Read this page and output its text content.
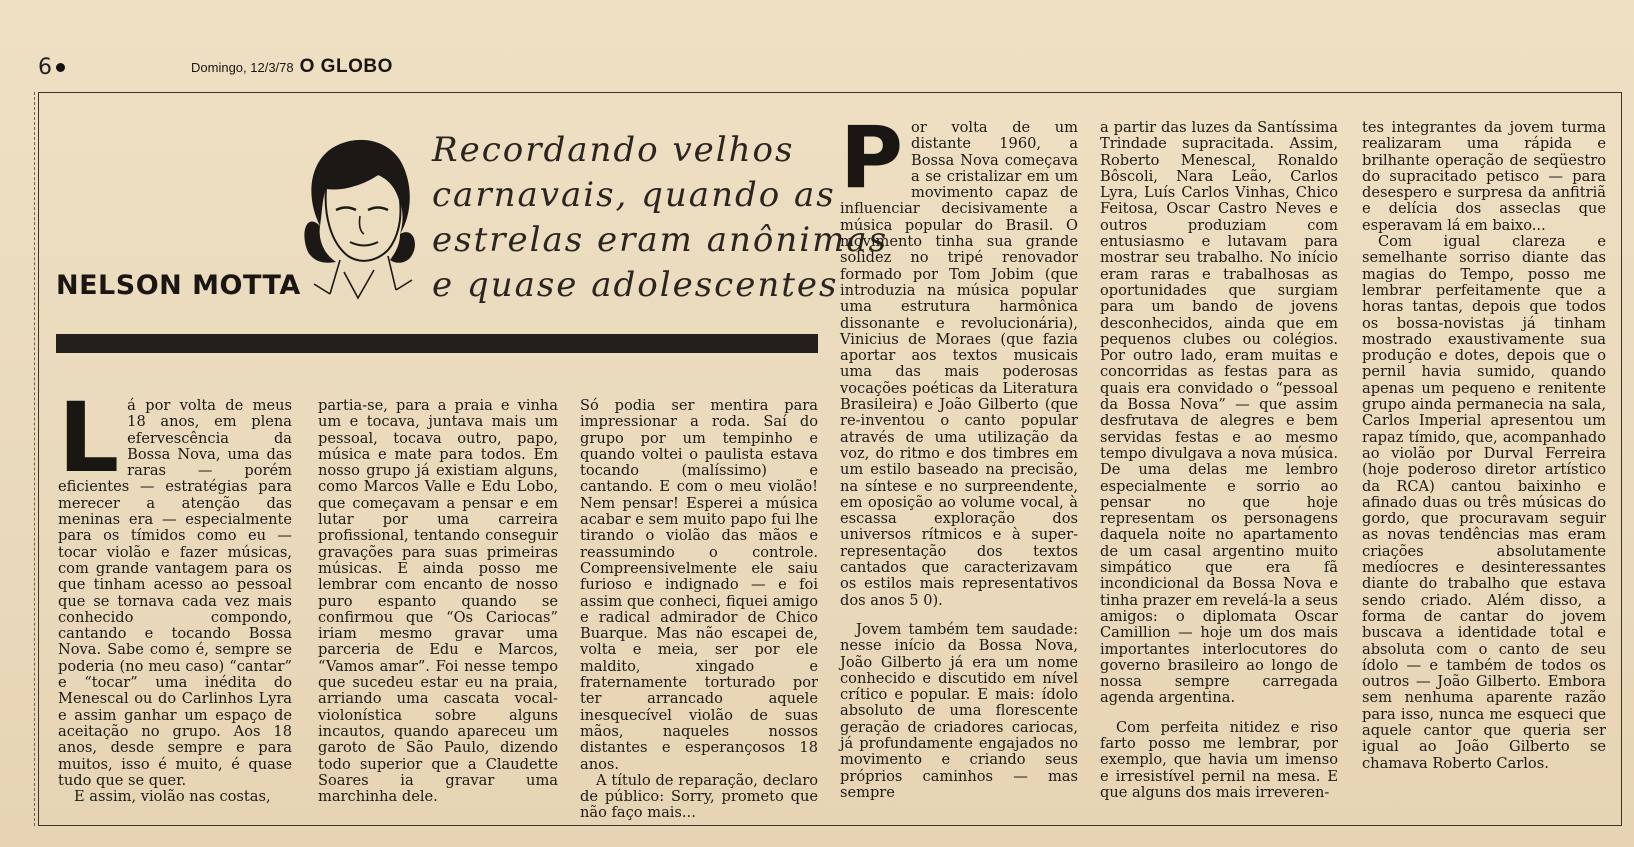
6	Domingo, 12/3/78 O GLOBO
Recordando velhos
carnavais, quando as
estrelas eram anônimas
e quase adolescentes
NELSON MOTTA
L á por volta de meus 18 anos, em plena efervescência da Bossa Nova, uma das raras — porém eficientes — estratégias para merecer a atenção das meninas era — especialmente para os tímidos como eu — tocar violão e fazer músicas, com grande vantagem para os que tinham acesso ao pessoal que se tornava cada vez mais conhecido compondo, cantando e tocando Bossa Nova. Sabe como é, sempre se poderia (no meu caso) “cantar” e “tocar” uma inédita do Menescal ou do Carlinhos Lyra e assim ganhar um espaço de aceitação no grupo. Aos 18 anos, desde sempre e para muitos, isso é muito, é quase tudo que se quer.

E assim, violão nas costas,

partia-se, para a praia e vinha um e tocava, juntava mais um pessoal, tocava outro, papo, música e mate para todos. Em nosso grupo já existiam alguns, como Marcos Valle e Edu Lobo, que começavam a pensar e em lutar por uma carreira profissional, tentando conseguir gravações para suas primeiras músicas. E ainda posso me lembrar com encanto de nosso puro espanto quando se confirmou que “Os Cariocas” iriam mesmo gravar uma parceria de Edu e Marcos, “Vamos amar”. Foi nesse tempo que sucedeu estar eu na praia, arriando uma cascata vocal-violonística sobre alguns incautos, quando apareceu um garoto de São Paulo, dizendo todo superior que a Claudette Soares ia gravar uma marchinha dele.

Só podia ser mentira para impressionar a roda. Saí do grupo por um tempinho e quando voltei o paulista estava tocando (malíssimo) e cantando. E com o meu violão! Nem pensar! Esperei a música acabar e sem muito papo fui lhe tirando o violão das mãos e reassumindo o controle. Compreensivelmente ele saiu furioso e indignado — e foi assim que conheci, fiquei amigo e radical admirador de Chico Buarque. Mas não escapei de, volta e meia, ser por ele maldito, xingado e fraternamente torturado por ter arrancado aquele inesquecível violão de suas mãos, naqueles nossos distantes e esperançosos 18 anos.

A título de reparação, declaro de público: Sorry, prometo que não faço mais...

P or volta de um distante 1960, a Bossa Nova começava a se cristalizar em um movimento capaz de influenciar decisivamente a música popular do Brasil. O movimento tinha sua grande solidez no tripé renovador formado por Tom Jobim (que introduzia na música popular uma estrutura harmônica dissonante e revolucionária), Vinicius de Moraes (que fazia aportar aos textos musicais uma das mais poderosas vocações poéticas da Literatura Brasileira) e João Gilberto (que re-inventou o canto popular através de uma utilização da voz, do ritmo e dos timbres em um estilo baseado na precisão, na síntese e no surpreendente, em oposição ao volume vocal, à escassa exploração dos universos rítmicos e à super-representação dos textos cantados que caracterizavam os estilos mais representativos dos anos 5 0).

Jovem também tem saudade: nesse início da Bossa Nova, João Gilberto já era um nome conhecido e discutido em nível crítico e popular. E mais: ídolo absoluto de uma florescente geração de criadores cariocas, já profundamente engajados no movimento e criando seus próprios caminhos — mas sempre

a partir das luzes da Santíssima Trindade supracitada. Assim, Roberto Menescal, Ronaldo Bôscoli, Nara Leão, Carlos Lyra, Luís Carlos Vinhas, Chico Feitosa, Oscar Castro Neves e outros produziam com entusiasmo e lutavam para mostrar seu trabalho. No início eram raras e trabalhosas as oportunidades que surgiam para um bando de jovens desconhecidos, ainda que em pequenos clubes ou colégios. Por outro lado, eram muitas e concorridas as festas para as quais era convidado o “pessoal da Bossa Nova” — que assim desfrutava de alegres e bem servidas festas e ao mesmo tempo divulgava a nova música. De uma delas me lembro especialmente e sorrio ao pensar no que hoje representam os personagens daquela noite no apartamento de um casal argentino muito simpático que era fã incondicional da Bossa Nova e tinha prazer em revelá-la a seus amigos: o diplomata Oscar Camillion — hoje um dos mais importantes interlocutores do governo brasileiro ao longo de nossa sempre carregada agenda argentina.

Com perfeita nitidez e riso farto posso me lembrar, por exemplo, que havia um imenso e irresistível pernil na mesa. E que alguns dos mais irreveren-

tes integrantes da jovem turma realizaram uma rápida e brilhante operação de seqüestro do supracitado petisco — para desespero e surpresa da anfitriã e delícia dos asseclas que esperavam lá em baixo...

Com igual clareza e semelhante sorriso diante das magias do Tempo, posso me lembrar perfeitamente que a horas tantas, depois que todos os bossa-novistas já tinham mostrado exaustivamente sua produção e dotes, depois que o pernil havia sumido, quando apenas um pequeno e renitente grupo ainda permanecia na sala, Carlos Imperial apresentou um rapaz tímido, que, acompanhado ao violão por Durval Ferreira (hoje poderoso diretor artístico da RCA) cantou baixinho e afinado duas ou três músicas do gordo, que procuravam seguir as novas tendências mas eram criações absolutamente medíocres e desinteressantes diante do trabalho que estava sendo criado. Além disso, a forma de cantar do jovem buscava a identidade total e absoluta com o canto de seu ídolo — e também de todos os outros — João Gilberto. Embora sem nenhuma aparente razão para isso, nunca me esqueci que aquele cantor que queria ser igual ao João Gilberto se chamava Roberto Carlos.
